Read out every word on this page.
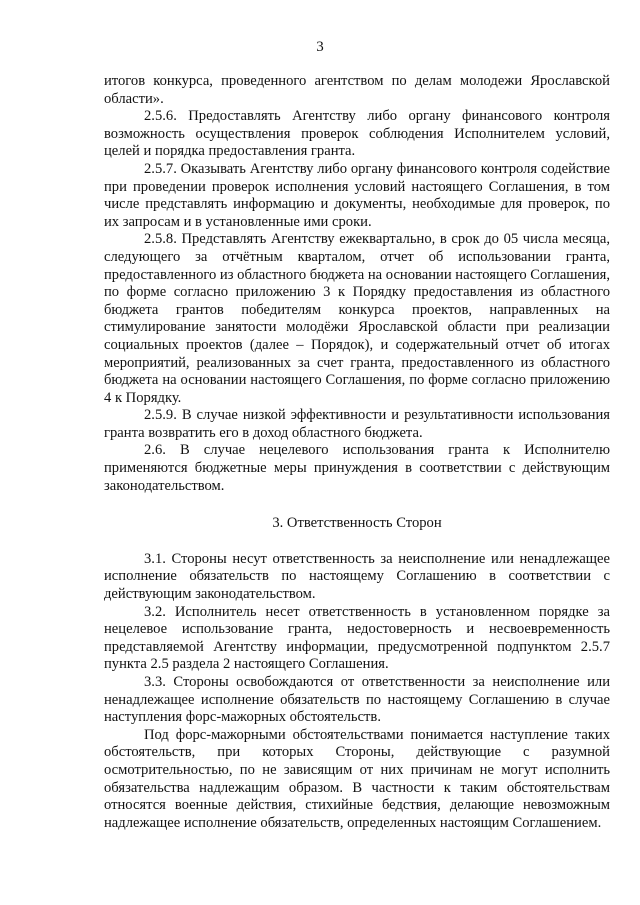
3

итогов конкурса, проведенного агентством по делам молодежи Ярославской области».

2.5.6. Предоставлять Агентству либо органу финансового контроля возможность осуществления проверок соблюдения Исполнителем условий, целей и порядка предоставления гранта.

2.5.7. Оказывать Агентству либо органу финансового контроля содействие при проведении проверок исполнения условий настоящего Соглашения, в том числе представлять информацию и документы, необходимые для проверок, по их запросам и в установленные ими сроки.

2.5.8. Представлять Агентству ежеквартально, в срок до 05 числа месяца, следующего за отчётным кварталом, отчет об использовании гранта, предоставленного из областного бюджета на основании настоящего Соглашения, по форме согласно приложению 3 к Порядку предоставления из областного бюджета грантов победителям конкурса проектов, направленных на стимулирование занятости молодёжи Ярославской области при реализации социальных проектов (далее – Порядок), и содержательный отчет об итогах мероприятий, реализованных за счет гранта, предоставленного из областного бюджета на основании настоящего Соглашения, по форме согласно приложению 4 к Порядку.

2.5.9. В случае низкой эффективности и результативности использования гранта возвратить его в доход областного бюджета.

2.6. В случае нецелевого использования гранта к Исполнителю применяются бюджетные меры принуждения в соответствии с действующим законодательством.

3. Ответственность Сторон

3.1. Стороны несут ответственность за неисполнение или ненадлежащее исполнение обязательств по настоящему Соглашению в соответствии с действующим законодательством.

3.2. Исполнитель несет ответственность в установленном порядке за нецелевое использование гранта, недостоверность и несвоевременность представляемой Агентству информации, предусмотренной подпунктом 2.5.7 пункта 2.5 раздела 2 настоящего Соглашения.

3.3. Стороны освобождаются от ответственности за неисполнение или ненадлежащее исполнение обязательств по настоящему Соглашению в случае наступления форс-мажорных обстоятельств.

Под форс-мажорными обстоятельствами понимается наступление таких обстоятельств, при которых Стороны, действующие с разумной осмотрительностью, по не зависящим от них причинам не могут исполнить обязательства надлежащим образом. В частности к таким обстоятельствам относятся военные действия, стихийные бедствия, делающие невозможным надлежащее исполнение обязательств, определенных настоящим Соглашением.
